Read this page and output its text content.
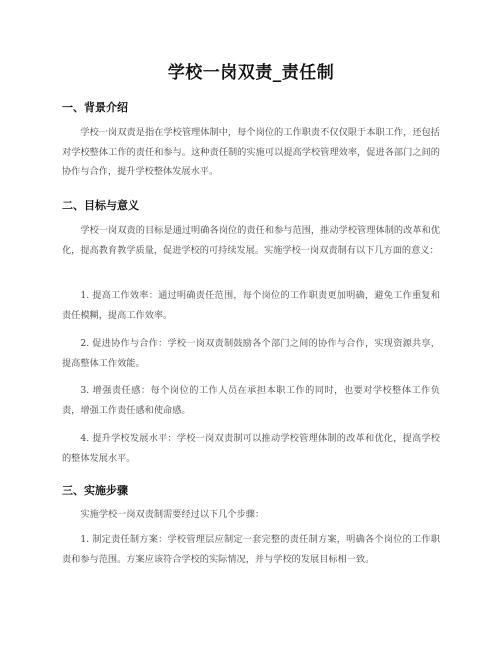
学校一岗双责_责任制
一、背景介绍

学校一岗双责是指在学校管理体制中，每个岗位的工作职责不仅仅限于本职工作，还包括对学校整体工作的责任和参与。这种责任制的实施可以提高学校管理效率，促进各部门之间的协作与合作，提升学校整体发展水平。

二、目标与意义

学校一岗双责的目标是通过明确各岗位的责任和参与范围，推动学校管理体制的改革和优化，提高教育教学质量，促进学校的可持续发展。实施学校一岗双责制有以下几方面的意义：

1. 提高工作效率：通过明确责任范围，每个岗位的工作职责更加明确，避免工作重复和责任模糊，提高工作效率。

2. 促进协作与合作：学校一岗双责制鼓励各个部门之间的协作与合作，实现资源共享，提高整体工作效能。

3. 增强责任感：每个岗位的工作人员在承担本职工作的同时，也要对学校整体工作负责，增强工作责任感和使命感。

4. 提升学校发展水平：学校一岗双责制可以推动学校管理体制的改革和优化，提高学校的整体发展水平。

三、实施步骤

实施学校一岗双责制需要经过以下几个步骤：

1. 制定责任制方案：学校管理层应制定一套完整的责任制方案，明确各个岗位的工作职责和参与范围。方案应该符合学校的实际情况，并与学校的发展目标相一致。
